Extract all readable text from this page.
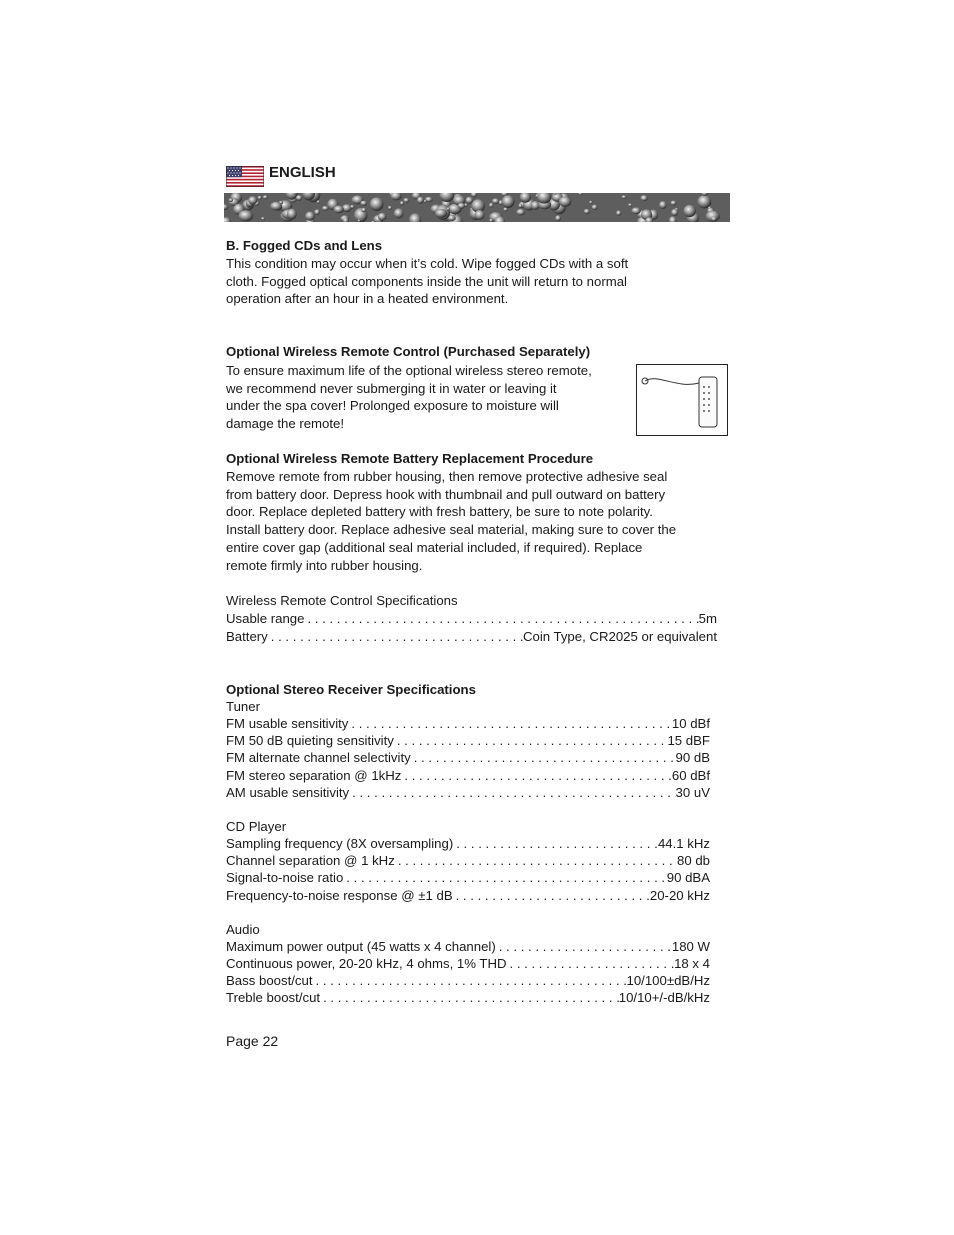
ENGLISH
B. Fogged CDs and Lens
This condition may occur when it’s cold. Wipe fogged CDs with a soft
cloth. Fogged optical components inside the unit will return to normal
operation after an hour in a heated environment.
Optional Wireless Remote Control (Purchased Separately)
To ensure maximum life of the optional wireless stereo remote,
we recommend never submerging it in water or leaving it
under the spa cover! Prolonged exposure to moisture will
damage the remote!
Optional Wireless Remote Battery Replacement Procedure
Remove remote from rubber housing, then remove protective adhesive seal
from battery door. Depress hook with thumbnail and pull outward on battery
door. Replace depleted battery with fresh battery, be sure to note polarity.
Install battery door. Replace adhesive seal material, making sure to cover the
entire cover gap (additional seal material included, if required). Replace
remote firmly into rubber housing.
Wireless Remote Control Specifications
Usable range . . .	5m
Battery . . .	Coin Type, CR2025 or equivalent
Optional Stereo Receiver Specifications
Tuner
FM usable sensitivity . . .	10 dBf
FM 50 dB quieting sensitivity . . .	15 dBF
FM alternate channel selectivity . . .	90 dB
FM stereo separation @ 1kHz . . .	60 dBf
AM usable sensitivity . . .	30 uV
CD Player
Sampling frequency (8X oversampling) . . .	44.1 kHz
Channel separation @ 1 kHz . . .	80 db
Signal-to-noise ratio . . .	90 dBA
Frequency-to-noise response @ ±1 dB . . .	20-20 kHz
Audio
Maximum power output (45 watts x 4 channel) . . .	180 W
Continuous power, 20-20 kHz, 4 ohms, 1% THD . . .	18 x 4
Bass boost/cut . . .	10/100±dB/Hz
Treble boost/cut . . .	10/10+/-dB/kHz
Page 22
